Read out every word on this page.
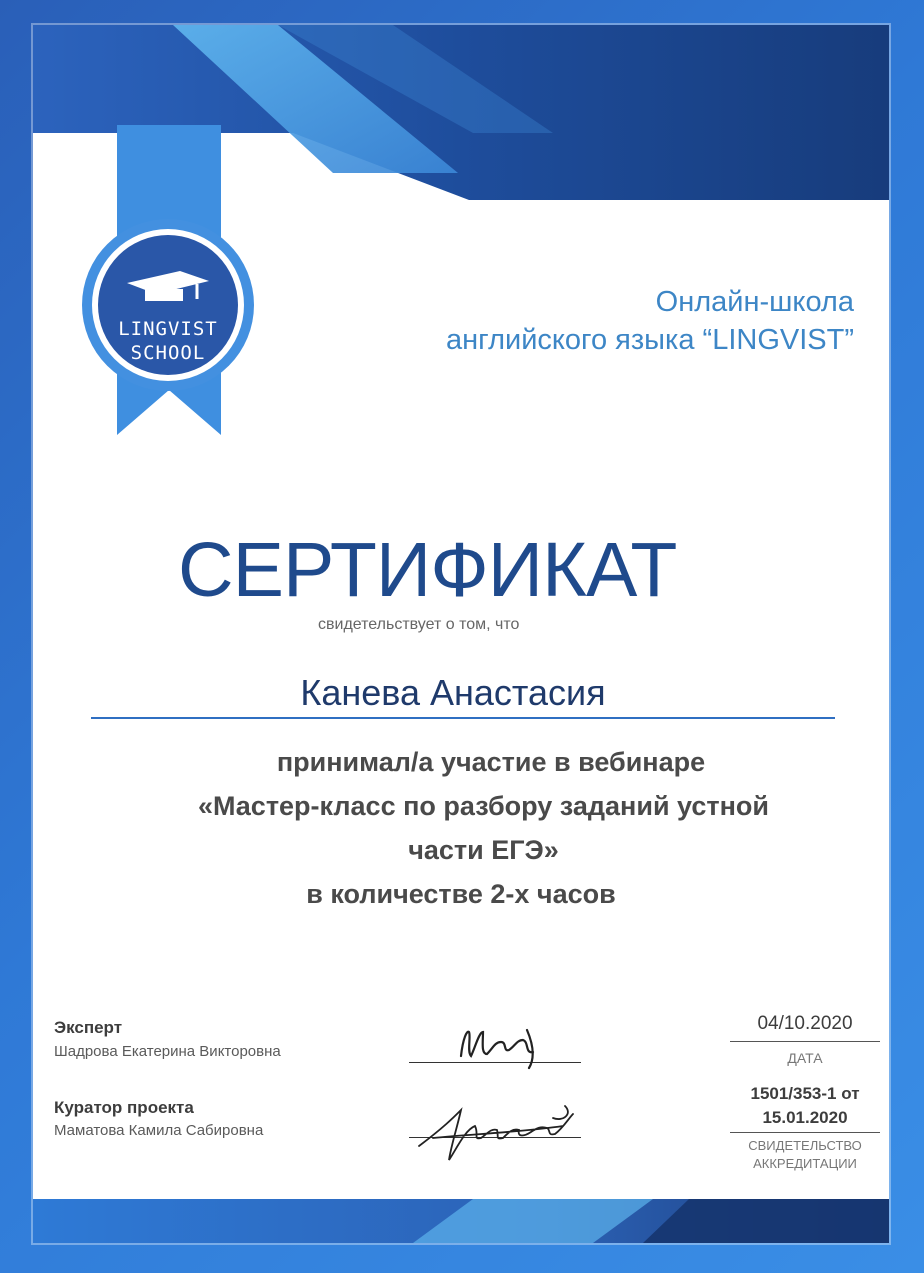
LINGVIST
SCHOOL
Онлайн-школа
английского языка “LINGVIST”
СЕРТИФИКАТ
свидетельствует о том, что
Канева Анастасия
принимал/а участие в вебинаре
«Мастер-класс по разбору заданий устной
части ЕГЭ»
в количестве 2-х часов
Эксперт
Шадрова Екатерина Викторовна
Куратор проекта
Маматова Камила Сабировна
04/10.2020
ДАТА
1501/353-1 от
15.01.2020
СВИДЕТЕЛЬСТВО
АККРЕДИТАЦИИ
